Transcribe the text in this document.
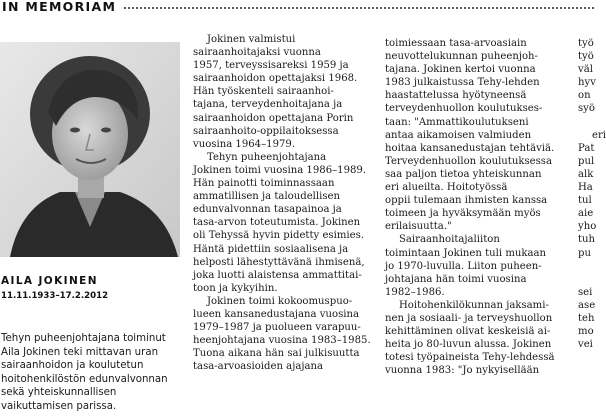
IN MEMORIAM
AILA JOKINEN
11.11.1933–17.2.2012
Tehyn puheenjohtajana toiminut
Aila Jokinen teki mittavan uran
sairaanhoidon ja koulutetun
hoitohenkilöstön edunvalvonnan
sekä yhteiskunnallisen
vaikuttamisen parissa.
Jokinen valmistui
sairaanhoitajaksi vuonna
1957, terveyssisareksi 1959 ja
sairaanhoidon opettajaksi 1968.
Hän työskenteli sairaanhoi-
tajana, terveydenhoitajana ja
sairaanhoidon opettajana Porin
sairaanhoito-oppilaitoksessa
vuosina 1964–1979.
Tehyn puheenjohtajana
Jokinen toimi vuosina 1986–1989.
Hän painotti toiminnassaan
ammatillisen ja taloudellisen
edunvalvonnan tasapainoa ja
tasa-arvon toteutumista. Jokinen
oli Tehyssä hyvin pidetty esimies.
Häntä pidettiin sosiaalisena ja
helposti lähestyttävänä ihmisenä,
joka luotti alaistensa ammattitai-
toon ja kykyihin.
Jokinen toimi kokoomuspuo-
lueen kansanedustajana vuosina
1979–1987 ja puolueen varapuu-
heenjohtajana vuosina 1983–1985.
Tuona aikana hän sai julkisuutta
tasa-arvoasioiden ajajana
toimiessaan tasa-arvoasiain
neuvottelukunnan puheenjoh-
tajana. Jokinen kertoi vuonna
1983 julkaistussa Tehy-lehden
haastattelussa hyötyneensä
terveydenhuollon koulutukses-
taan: "Ammattikoulutukseni
antaa aikamoisen valmiuden
hoitaa kansanedustajan tehtäviä.
Terveydenhuollon koulutuksessa
saa paljon tietoa yhteiskunnan
eri alueilta. Hoitotyössä
oppii tulemaan ihmisten kanssa
toimeen ja hyväksymään myös
erilaisuutta."
Sairaanhoitajaliiton
toimintaan Jokinen tuli mukaan
jo 1970-luvulla. Liiton puheen-
johtajana hän toimi vuosina
1982–1986.
Hoitohenkilökunnan jaksami-
nen ja sosiaali- ja terveyshuollon
kehittäminen olivat keskeisiä ai-
heita jo 80-luvun alussa. Jokinen
totesi työpaineista Tehy-lehdessä
vuonna 1983: "Jo nykyisellään
työ
työ
väl
hyv
on
syö

eri
Pat
pul
alk
Ha
tul
aie
yho
tuh
pu

sei
ase
teh
mo
vei
